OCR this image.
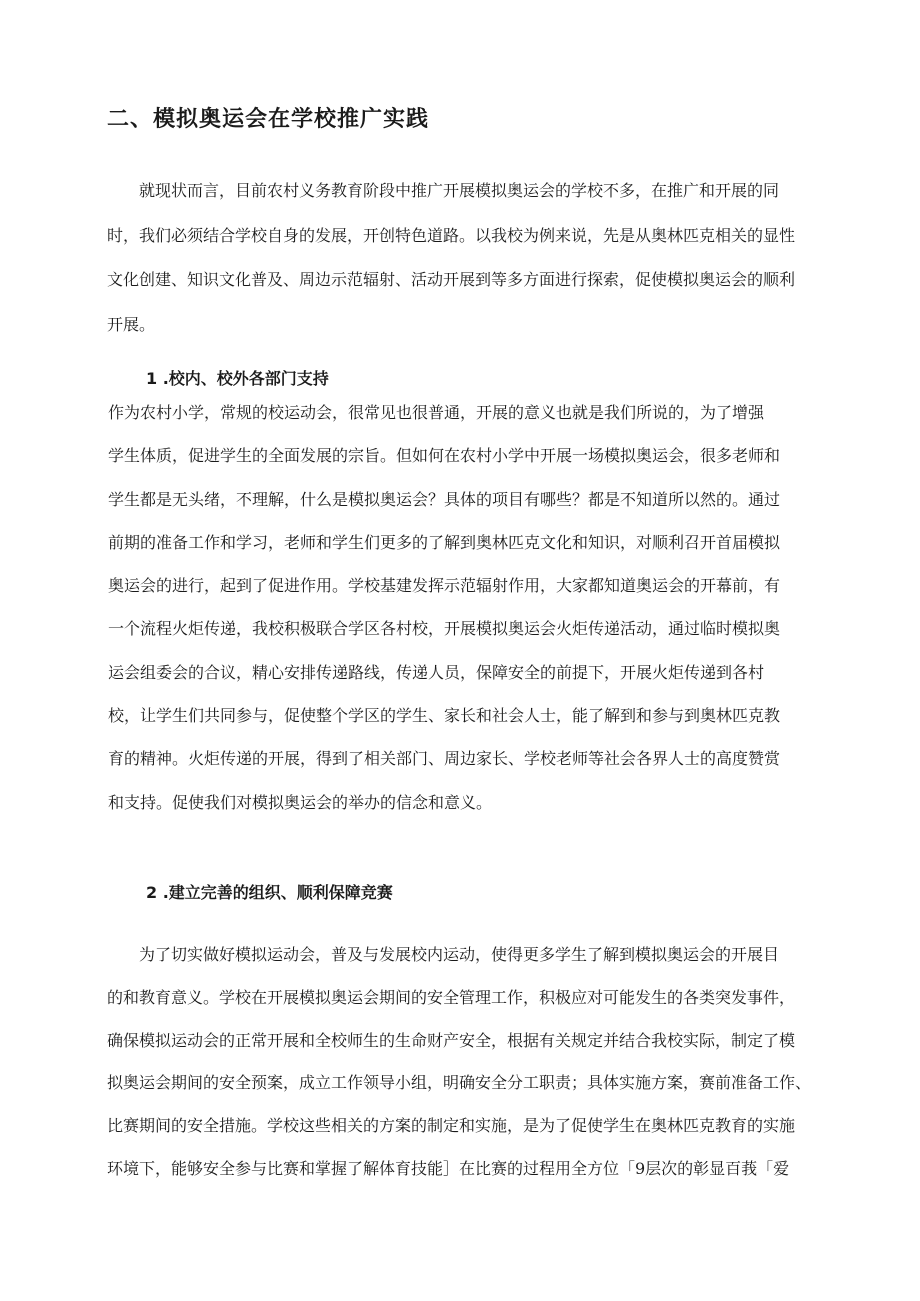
二、模拟奥运会在学校推广实践
　　就现状而言，目前农村义务教育阶段中推广开展模拟奥运会的学校不多，在推广和开展的同
时，我们必须结合学校自身的发展，开创特色道路。以我校为例来说，先是从奥林匹克相关的显性
文化创建、知识文化普及、周边示范辐射、活动开展到等多方面进行探索，促使模拟奥运会的顺利
开展。
1 .校内、校外各部门支持
作为农村小学，常规的校运动会，很常见也很普通，开展的意义也就是我们所说的，为了增强
学生体质，促进学生的全面发展的宗旨。但如何在农村小学中开展一场模拟奥运会，很多老师和
学生都是无头绪，不理解，什么是模拟奥运会？具体的项目有哪些？都是不知道所以然的。通过
前期的准备工作和学习，老师和学生们更多的了解到奥林匹克文化和知识，对顺利召开首届模拟
奥运会的进行，起到了促进作用。学校基建发挥示范辐射作用，大家都知道奥运会的开幕前，有
一个流程火炬传递，我校积极联合学区各村校，开展模拟奥运会火炬传递活动，通过临时模拟奥
运会组委会的合议，精心安排传递路线，传递人员，保障安全的前提下，开展火炬传递到各村
校，让学生们共同参与，促使整个学区的学生、家长和社会人士，能了解到和参与到奥林匹克教
育的精神。火炬传递的开展，得到了相关部门、周边家长、学校老师等社会各界人士的高度赞赏
和支持。促使我们对模拟奥运会的举办的信念和意义。
2 .建立完善的组织、顺利保障竞赛
　　为了切实做好模拟运动会，普及与发展校内运动，使得更多学生了解到模拟奥运会的开展目
的和教育意义。学校在开展模拟奥运会期间的安全管理工作，积极应对可能发生的各类突发事件，
确保模拟运动会的正常开展和全校师生的生命财产安全，根据有关规定并结合我校实际，制定了模
拟奥运会期间的安全预案，成立工作领导小组，明确安全分工职责；具体实施方案，赛前准备工作、
比赛期间的安全措施。学校这些相关的方案的制定和实施，是为了促使学生在奥林匹克教育的实施
环境下，能够安全参与比赛和掌握了解体育技能］在比赛的过程用全方位「9层次的彰显百莪「爱
